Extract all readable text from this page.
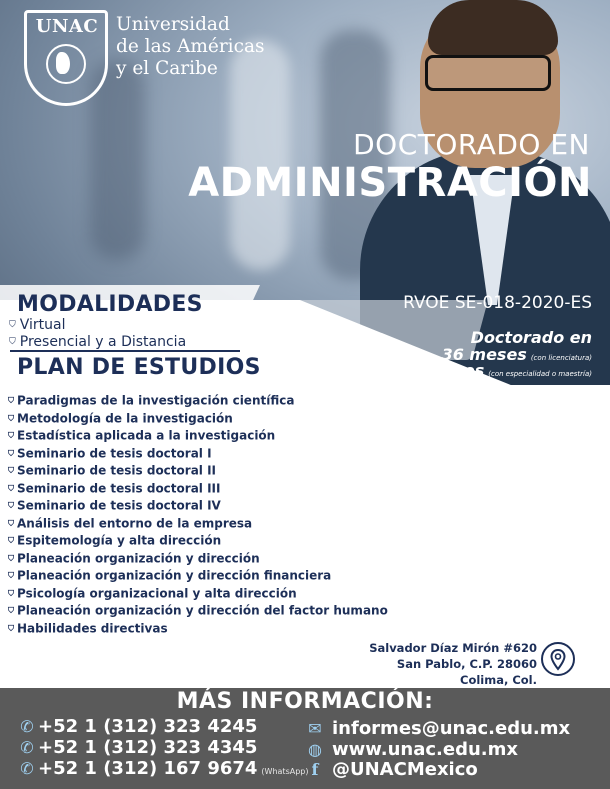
UNAC Universidad
de las Américas
y el Caribe
DOCTORADO EN
ADMINISTRACIÓN
RVOE SE-018-2020-ES
Doctorado en
36 meses (con licenciatura)
24 meses (con especialidad o maestría)
MODALIDADES
⛉ Virtual
⛉ Presencial y a Distancia
PLAN DE ESTUDIOS
⛉ Paradigmas de la investigación científica
⛉ Metodología de la investigación
⛉ Estadística aplicada a la investigación
⛉ Seminario de tesis doctoral I
⛉ Seminario de tesis doctoral II
⛉ Seminario de tesis doctoral III
⛉ Seminario de tesis doctoral IV
⛉ Análisis del entorno de la empresa
⛉ Espitemología y alta dirección
⛉ Planeación organización y dirección
⛉ Planeación organización y dirección financiera
⛉ Psicología organizacional y alta dirección
⛉ Planeación organización y dirección del factor humano
⛉ Habilidades directivas
Salvador Díaz Mirón #620
San Pablo, C.P. 28060
Colima, Col.
MÁS INFORMACIÓN:
✆ +52 1 (312) 323 4245
✆ +52 1 (312) 323 4345
✆ +52 1 (312) 167 9674 (WhatsApp)
✉ informes@unac.edu.mx
◍ www.unac.edu.mx
f @UNACMexico
